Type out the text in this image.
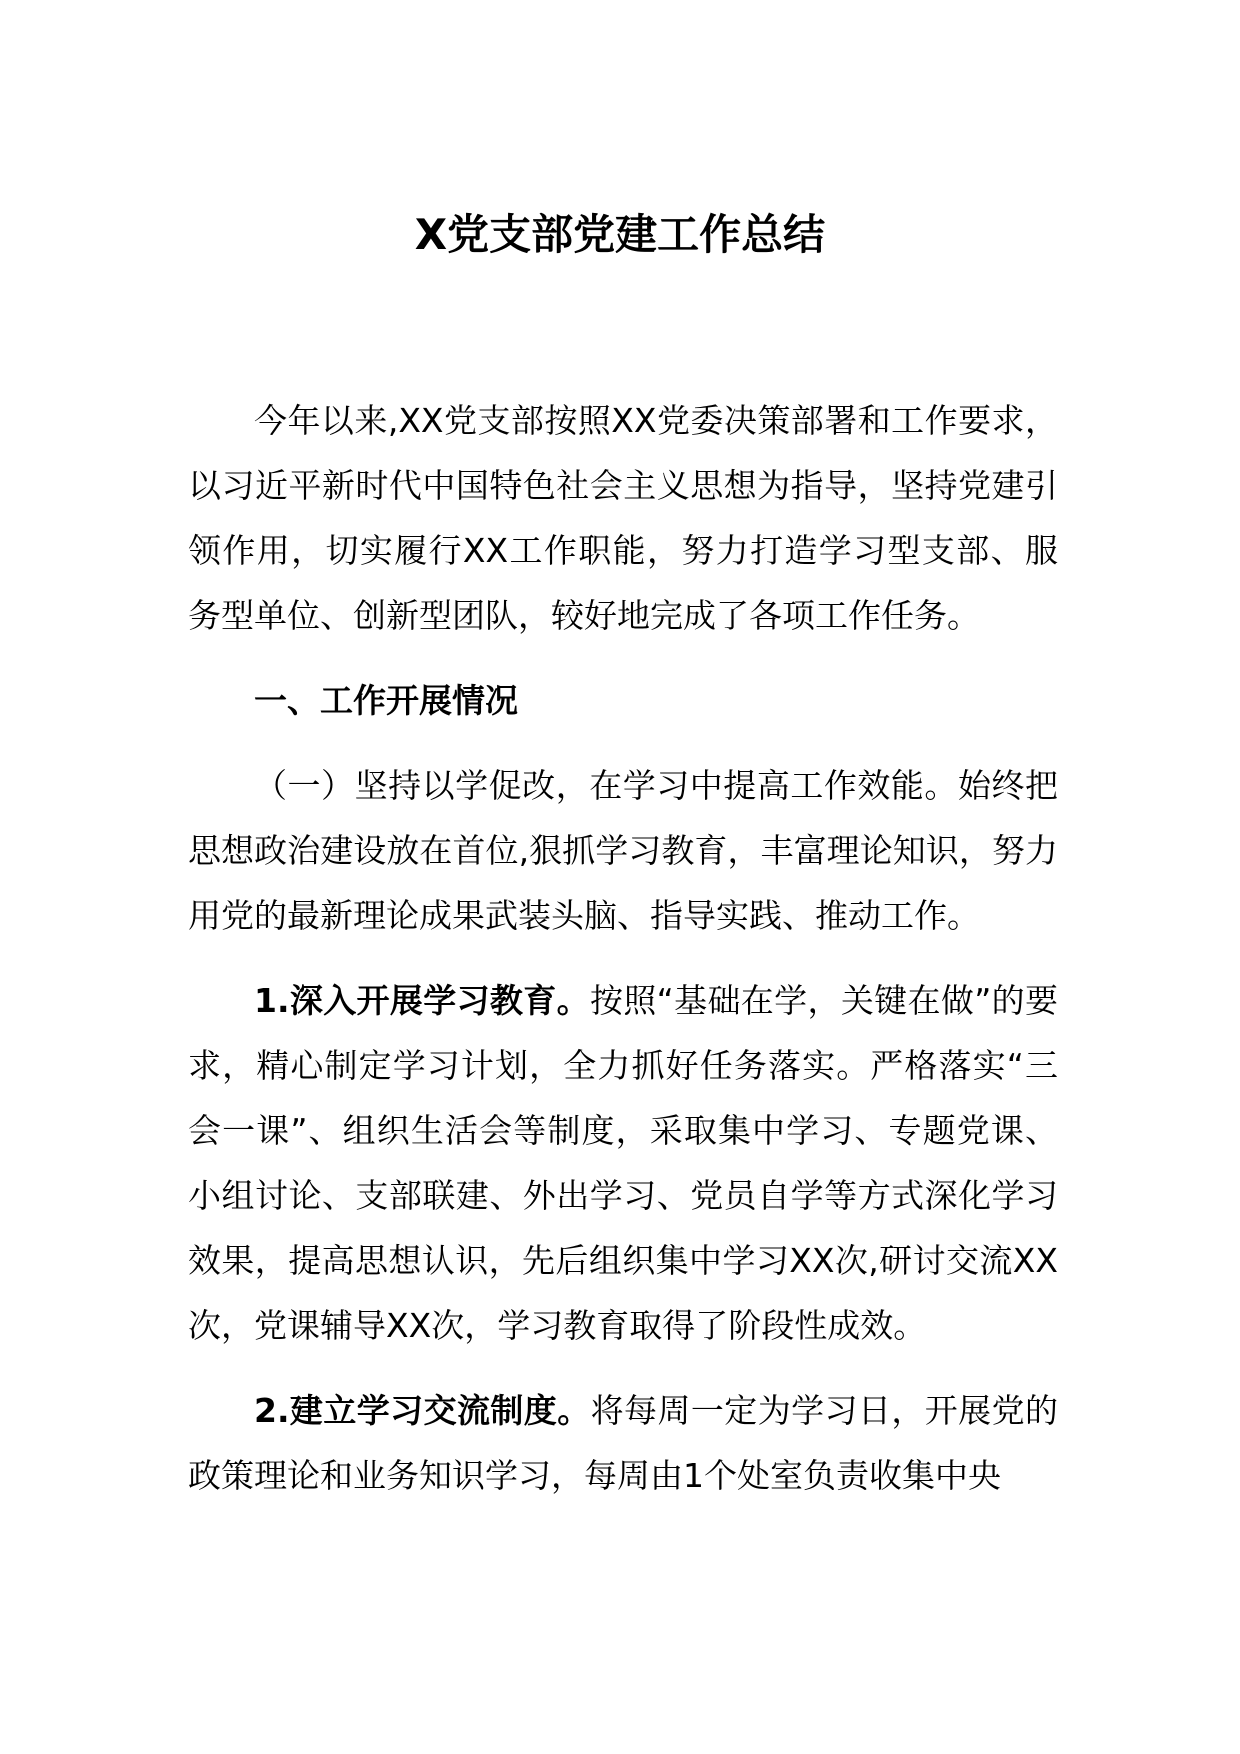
X党支部党建工作总结

今年以来,XX党支部按照XX党委决策部署和工作要求，以习近平新时代中国特色社会主义思想为指导，坚持党建引领作用，切实履行XX工作职能，努力打造学习型支部、服务型单位、创新型团队，较好地完成了各项工作任务。

一、工作开展情况

（一）坚持以学促改，在学习中提高工作效能。始终把思想政治建设放在首位,狠抓学习教育，丰富理论知识，努力用党的最新理论成果武装头脑、指导实践、推动工作。

1.深入开展学习教育。按照“基础在学，关键在做”的要求，精心制定学习计划，全力抓好任务落实。严格落实“三会一课”、组织生活会等制度，采取集中学习、专题党课、小组讨论、支部联建、外出学习、党员自学等方式深化学习效果，提高思想认识，先后组织集中学习XX次,研讨交流XX次，党课辅导XX次，学习教育取得了阶段性成效。

2.建立学习交流制度。将每周一定为学习日，开展党的政策理论和业务知识学习，每周由1个处室负责收集中央
